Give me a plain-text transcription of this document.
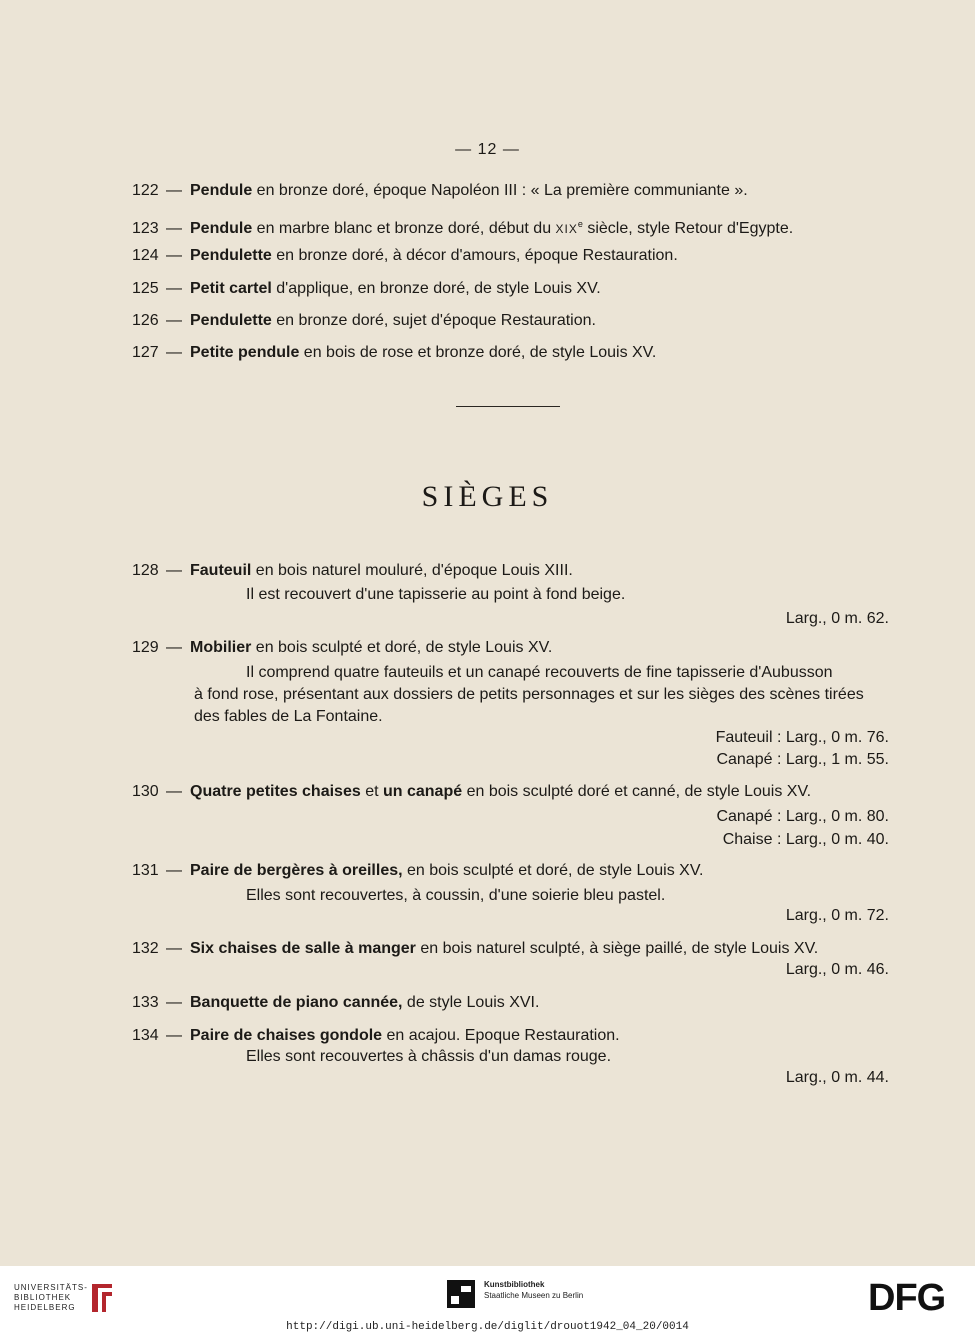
— 12 —
122 — Pendule en bronze doré, époque Napoléon III : « La première communiante ».
123 — Pendule en marbre blanc et bronze doré, début du XIXe siècle, style Retour d'Egypte.
124 — Pendulette en bronze doré, à décor d'amours, époque Restauration.
125 — Petit cartel d'applique, en bronze doré, de style Louis XV.
126 — Pendulette en bronze doré, sujet d'époque Restauration.
127 — Petite pendule en bois de rose et bronze doré, de style Louis XV.
SIÈGES
128 — Fauteuil en bois naturel mouluré, d'époque Louis XIII.
Il est recouvert d'une tapisserie au point à fond beige.
Larg., 0 m. 62.
129 — Mobilier en bois sculpté et doré, de style Louis XV.
Il comprend quatre fauteuils et un canapé recouverts de fine tapisserie d'Aubusson
à fond rose, présentant aux dossiers de petits personnages et sur les sièges des scènes tirées
des fables de La Fontaine.
Fauteuil : Larg., 0 m. 76.
Canapé : Larg., 1 m. 55.
130 — Quatre petites chaises et un canapé en bois sculpté doré et canné, de style Louis XV.
Canapé : Larg., 0 m. 80.
Chaise : Larg., 0 m. 40.
131 — Paire de bergères à oreilles, en bois sculpté et doré, de style Louis XV.
Elles sont recouvertes, à coussin, d'une soierie bleu pastel.
Larg., 0 m. 72.
132 — Six chaises de salle à manger en bois naturel sculpté, à siège paillé, de style Louis XV.
Larg., 0 m. 46.
133 — Banquette de piano cannée, de style Louis XVI.
134 — Paire de chaises gondole en acajou. Epoque Restauration.
Elles sont recouvertes à châssis d'un damas rouge.
Larg., 0 m. 44.
UNIVERSITÄTS-
BIBLIOTHEK
HEIDELBERG
Kunstbibliothek
Staatliche Museen zu Berlin	DFG
http://digi.ub.uni-heidelberg.de/diglit/drouot1942_04_20/0014
